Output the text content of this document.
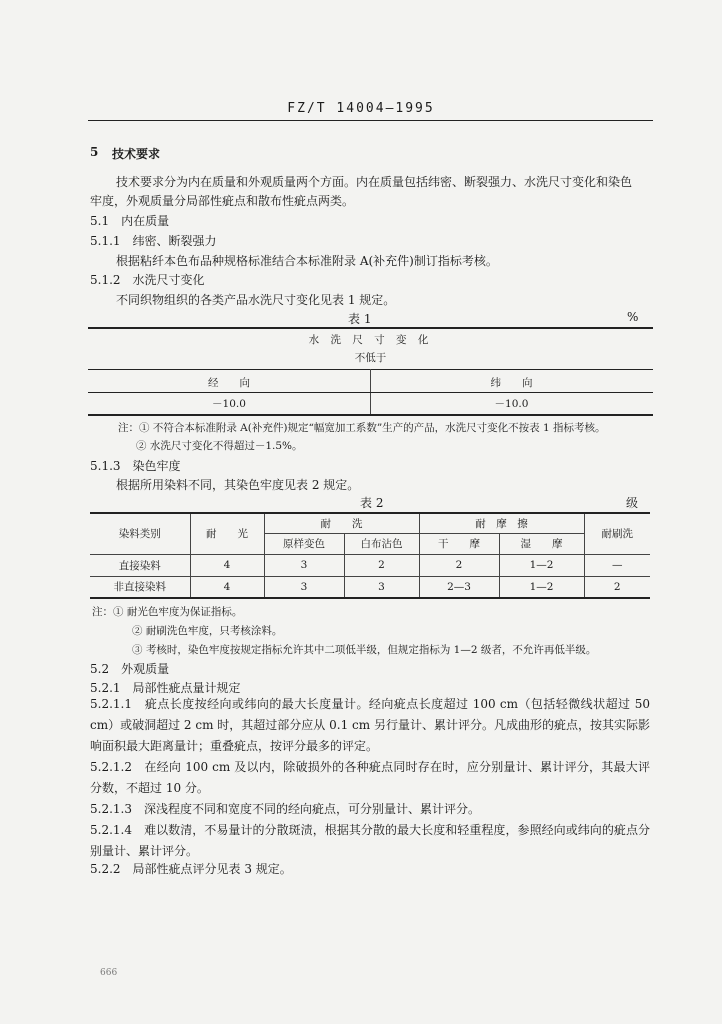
FZ/T 14004—1995
5 技术要求
技术要求分为内在质量和外观质量两个方面。内在质量包括纬密、断裂强力、水洗尺寸变化和染色
牢度，外观质量分局部性疵点和散布性疵点两类。
5.1　内在质量
5.1.1　纬密、断裂强力
根据粘纤本色布品种规格标准结合本标准附录 A(补充件)制订指标考核。
5.1.2　水洗尺寸变化
不同织物组织的各类产品水洗尺寸变化见表 1 规定。
表 1	%
水 洗 尺 寸 变 化
不低于
经　　向	纬　　向
－10.0	－10.0
注：① 不符合本标准附录 A(补充件)规定“幅宽加工系数”生产的产品，水洗尺寸变化不按表 1 指标考核。
② 水洗尺寸变化不得超过－1.5%。
5.1.3　染色牢度
根据所用染料不同，其染色牢度见表 2 规定。
表 2	级
染料类别	耐　　光	耐　　洗		耐　摩　擦		耐刷洗
		原样变色	白布沾色	干　　摩	湿　　摩	
直接染料	4	3	2	2	1—2	—
非直接染料	4	3	3	2—3	1—2	2
注：① 耐光色牢度为保证指标。
② 耐刷洗色牢度，只考核涂料。
③ 考核时，染色牢度按规定指标允许其中二项低半级，但规定指标为 1—2 级者，不允许再低半级。
5.2　外观质量
5.2.1　局部性疵点量计规定
5.2.1.1　疵点长度按经向或纬向的最大长度量计。经向疵点长度超过 100 cm（包括轻微线状超过 50 cm）或破洞超过 2 cm 时，其超过部分应从 0.1 cm 另行量计、累计评分。凡成曲形的疵点，按其实际影响面积最大距离量计；重叠疵点，按评分最多的评定。
5.2.1.2　在经向 100 cm 及以内，除破损外的各种疵点同时存在时，应分别量计、累计评分，其最大评分数，不超过 10 分。
5.2.1.3　深浅程度不同和宽度不同的经向疵点，可分别量计、累计评分。
5.2.1.4　难以数清，不易量计的分散斑渍，根据其分散的最大长度和轻重程度，参照经向或纬向的疵点分别量计、累计评分。
5.2.2　局部性疵点评分见表 3 规定。
666
